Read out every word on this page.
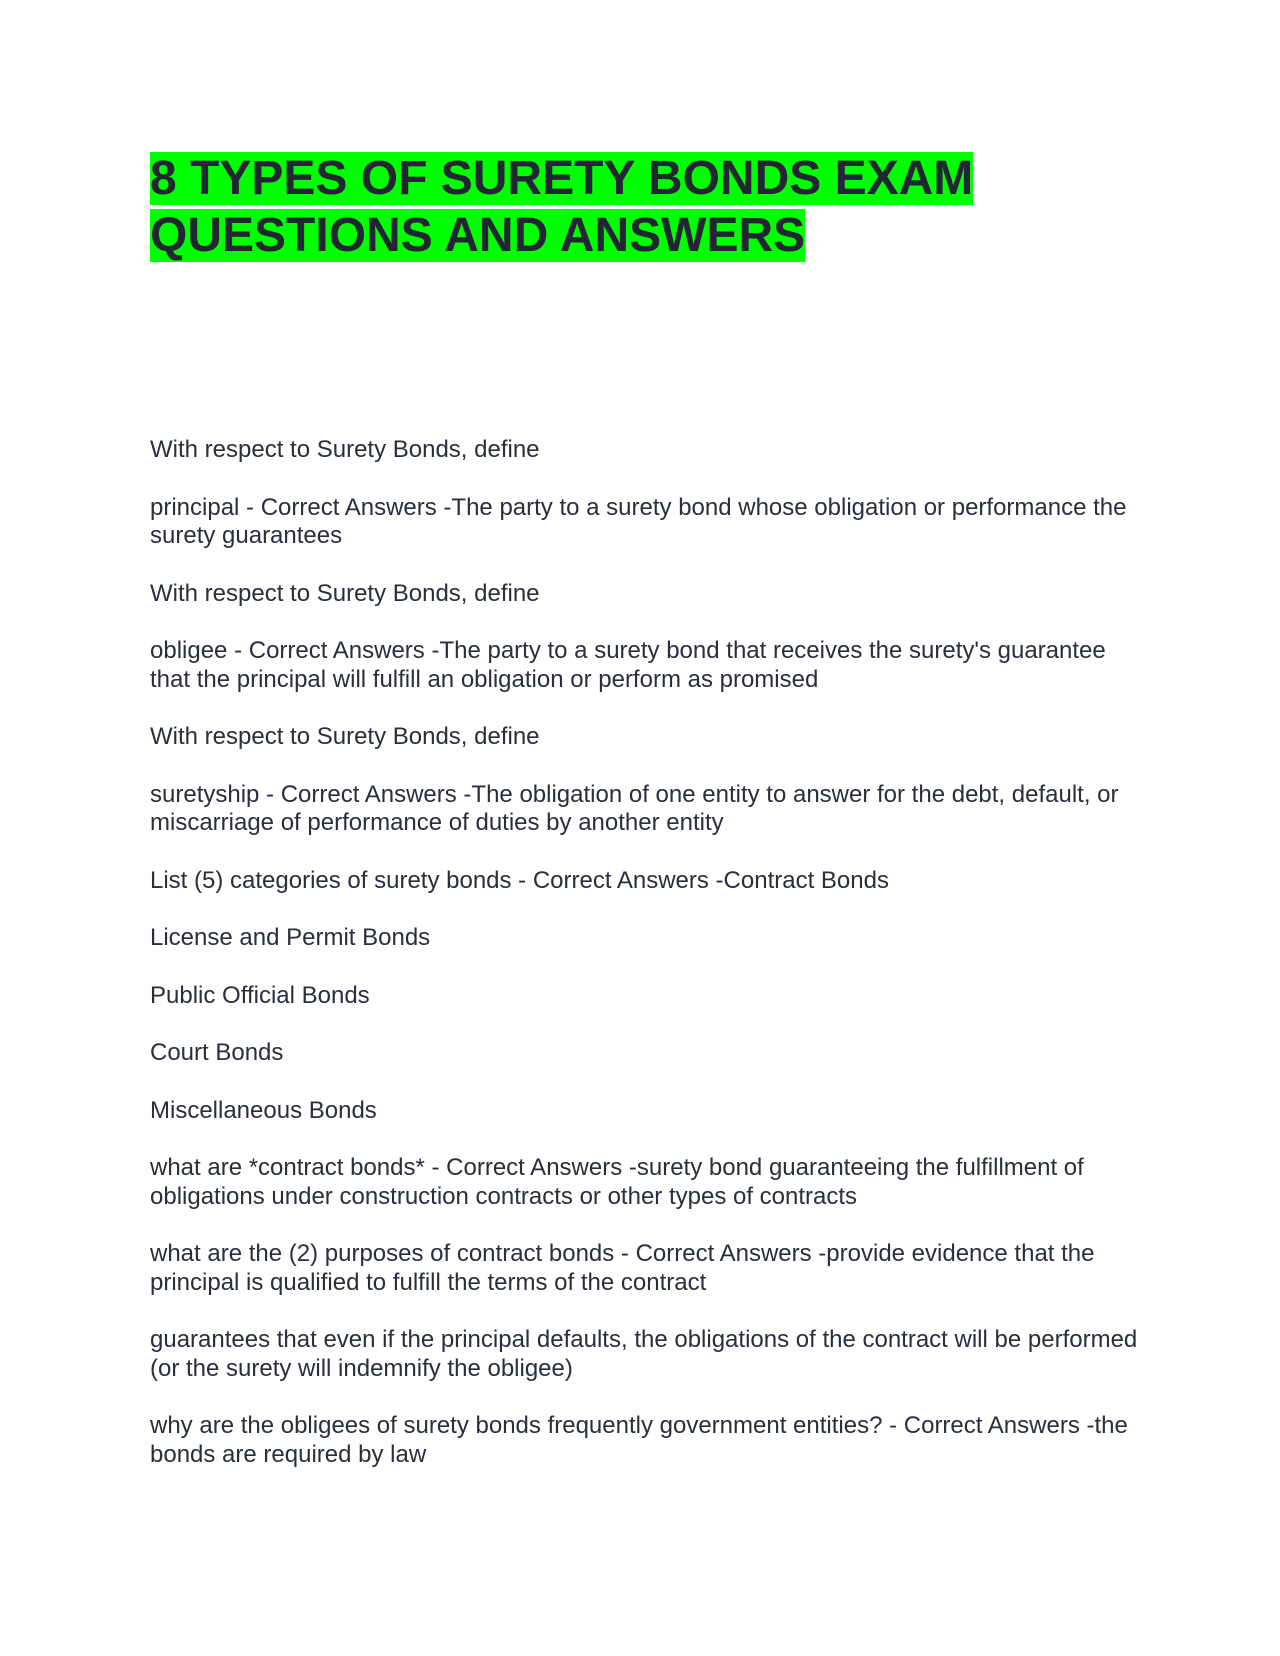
8 TYPES OF SURETY BONDS EXAM
QUESTIONS AND ANSWERS

With respect to Surety Bonds, define

principal - Correct Answers -The party to a surety bond whose obligation or performance the surety guarantees

With respect to Surety Bonds, define

obligee - Correct Answers -The party to a surety bond that receives the surety's guarantee that the principal will fulfill an obligation or perform as promised

With respect to Surety Bonds, define

suretyship - Correct Answers -The obligation of one entity to answer for the debt, default, or miscarriage of performance of duties by another entity

List (5) categories of surety bonds - Correct Answers -Contract Bonds

License and Permit Bonds

Public Official Bonds

Court Bonds

Miscellaneous Bonds

what are *contract bonds* - Correct Answers -surety bond guaranteeing the fulfillment of obligations under construction contracts or other types of contracts

what are the (2) purposes of contract bonds - Correct Answers -provide evidence that the principal is qualified to fulfill the terms of the contract

guarantees that even if the principal defaults, the obligations of the contract will be performed (or the surety will indemnify the obligee)

why are the obligees of surety bonds frequently government entities? - Correct Answers -the bonds are required by law
